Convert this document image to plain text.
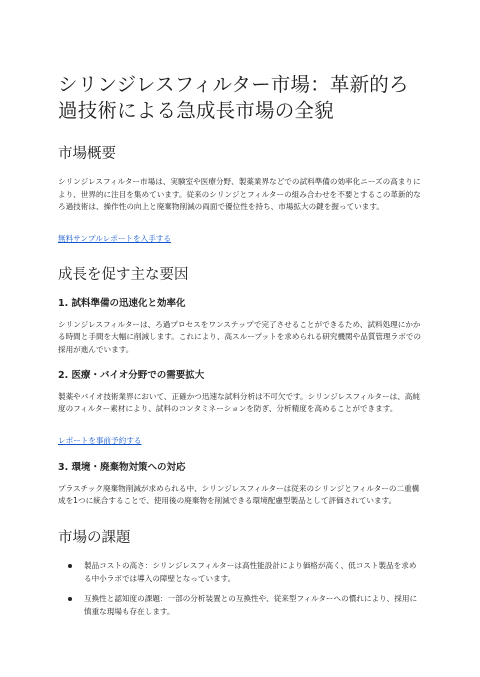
シリンジレスフィルター市場：革新的ろ過技術による急成長市場の全貌
市場概要

シリンジレスフィルター市場は、実験室や医療分野、製薬業界などでの試料準備の効率化ニーズの高まりにより、世界的に注目を集めています。従来のシリンジとフィルターの組み合わせを不要とするこの革新的なろ過技術は、操作性の向上と廃棄物削減の両面で優位性を持ち、市場拡大の鍵を握っています。

無料サンプルレポートを入手する
成長を促す主な要因
1. 試料準備の迅速化と効率化

シリンジレスフィルターは、ろ過プロセスをワンステップで完了させることができるため、試料処理にかかる時間と手間を大幅に削減します。これにより、高スループットを求められる研究機関や品質管理ラボでの採用が進んでいます。

2. 医療・バイオ分野での需要拡大

製薬やバイオ技術業界において、正確かつ迅速な試料分析は不可欠です。シリンジレスフィルターは、高純度のフィルター素材により、試料のコンタミネーションを防ぎ、分析精度を高めることができます。

レポートを事前予約する
3. 環境・廃棄物対策への対応

プラスチック廃棄物削減が求められる中、シリンジレスフィルターは従来のシリンジとフィルターの二重構成を1つに統合することで、使用後の廃棄物を削減できる環境配慮型製品として評価されています。

市場の課題
製品コストの高さ：シリンジレスフィルターは高性能設計により価格が高く、低コスト製品を求める中小ラボでは導入の障壁となっています。
互換性と認知度の課題：一部の分析装置との互換性や、従来型フィルターへの慣れにより、採用に慎重な現場も存在します。
